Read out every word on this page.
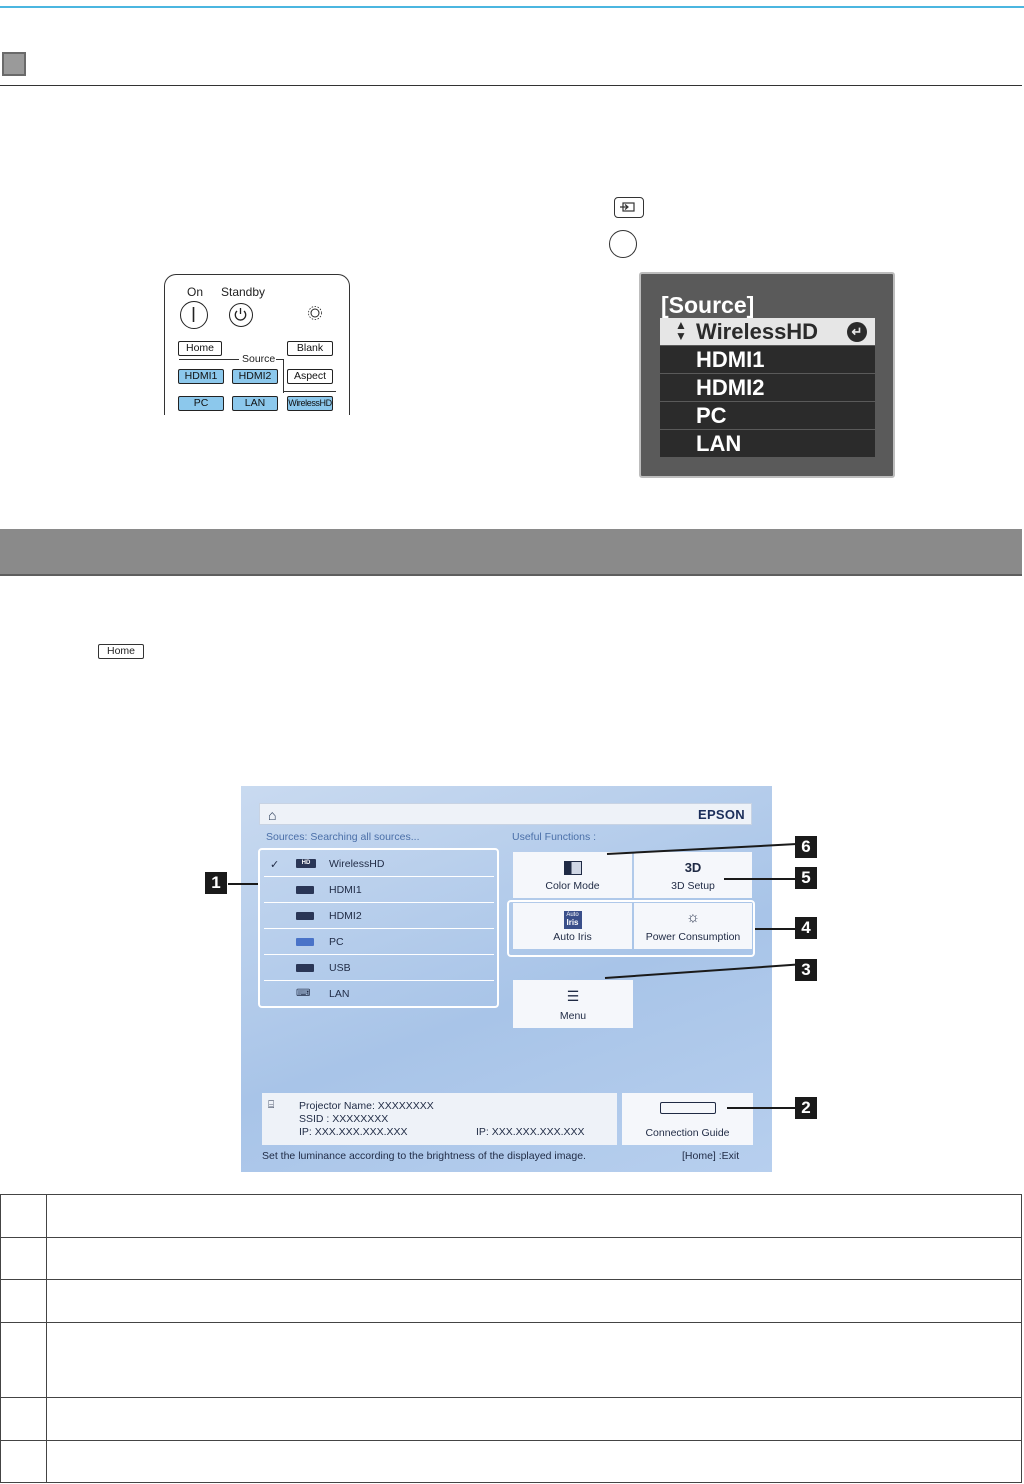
On Standby
Home	Blank
Source
HDMI1	HDMI2	Aspect
PC	LAN	WirelessHD
[Source]
▲
▼ WirelessHD	↵
HDMI1
HDMI2
PC
LAN
Home
⌂	EPSON
Sources: Searching all sources...	Useful Functions :
✓	HD	WirelessHD
HDMI1
HDMI2
PC
USB
⌨ LAN
Color Mode
3D
3D Setup
Auto
Iris
Auto Iris
☼
Power Consumption
☰
Menu
⌸ Projector Name: XXXXXXXX
SSID : XXXXXXXX
IP: XXX.XXX.XXX.XXX	IP: XXX.XXX.XXX.XXX	Connection Guide
Set the luminance according to the brightness of the displayed image.	[Home] :Exit
1
2
3
4
5
6
